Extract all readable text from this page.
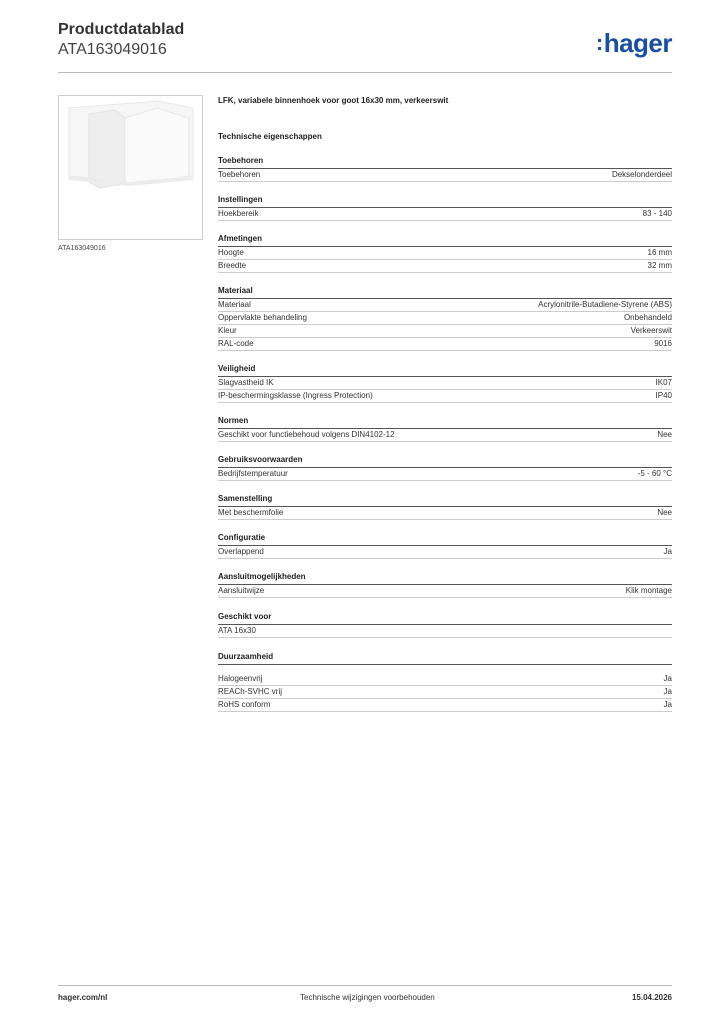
Productdatablad
ATA163049016	:hager
ATA163049016
LFK, variabele binnenhoek voor goot 16x30 mm, verkeerswit
Technische eigenschappen
Toebehoren
Toebehoren	Dekselonderdeel
Instellingen
Hoekbereik	83 - 140
Afmetingen
Hoogte	16 mm
Breedte	32 mm
Materiaal
Materiaal	Acrylonitrile-Butadiene-Styrene (ABS)
Oppervlakte behandeling	Onbehandeld
Kleur	Verkeerswit
RAL-code	9016
Veiligheid
Slagvastheid IK	IK07
IP-beschermingsklasse (Ingress Protection)	IP40
Normen
Geschikt voor functiebehoud volgens DIN4102-12	Nee
Gebruiksvoorwaarden
Bedrijfstemperatuur	-5 - 60 °C
Samenstelling
Met beschermfolie	Nee
Configuratie
Overlappend	Ja
Aansluitmogelijkheden
Aansluitwijze	Klik montage
Geschikt voor
ATA 16x30
Duurzaamheid
Halogeenvrij	Ja
REACh-SVHC vrij	Ja
RoHS conform	Ja
hager.com/nl	Technische wijzigingen voorbehouden	15.04.2026
